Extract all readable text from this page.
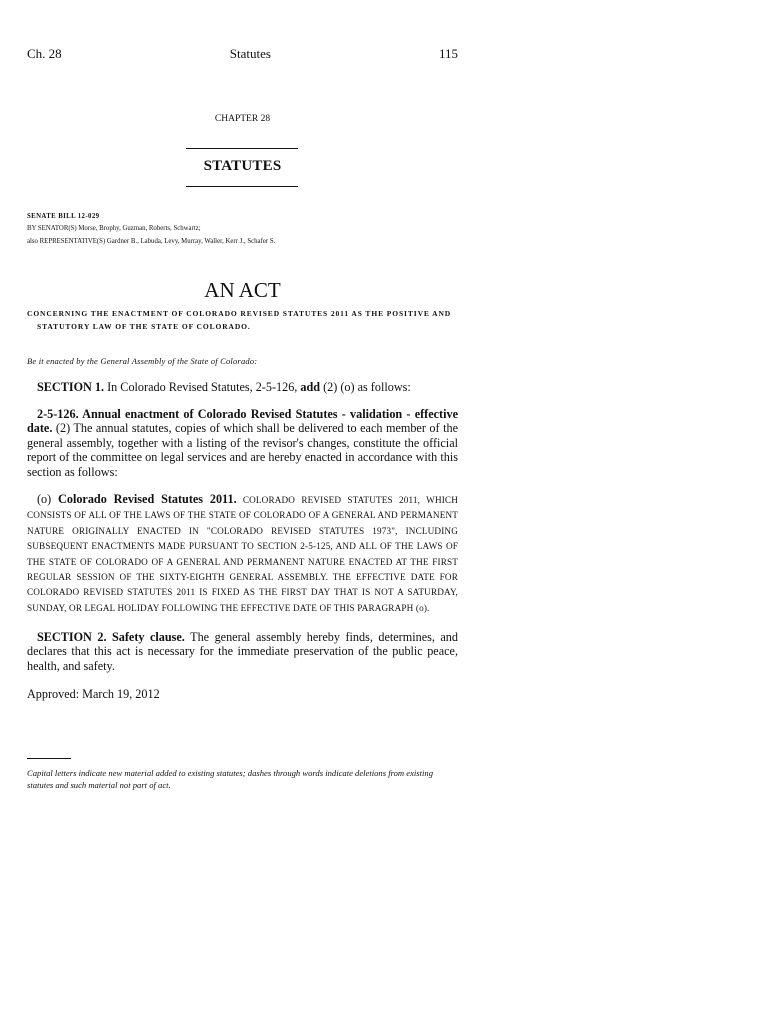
Ch. 28	Statutes	115
CHAPTER 28
STATUTES
SENATE BILL 12-029
BY SENATOR(S) Morse, Brophy, Guzman, Roberts, Schwartz;
also REPRESENTATIVE(S) Gardner B., Labuda, Levy, Murray, Waller, Kerr J., Schafer S.
AN ACT
CONCERNING THE ENACTMENT OF COLORADO REVISED STATUTES 2011 AS THE POSITIVE AND
STATUTORY LAW OF THE STATE OF COLORADO.
Be it enacted by the General Assembly of the State of Colorado:
SECTION 1. In Colorado Revised Statutes, 2-5-126, add (2) (o) as follows:
2-5-126. Annual enactment of Colorado Revised Statutes - validation - effective date. (2) The annual statutes, copies of which shall be delivered to each member of the general assembly, together with a listing of the revisor's changes, constitute the official report of the committee on legal services and are hereby enacted in accordance with this section as follows:
(o) Colorado Revised Statutes 2011. COLORADO REVISED STATUTES 2011, WHICH CONSISTS OF ALL OF THE LAWS OF THE STATE OF COLORADO OF A GENERAL AND PERMANENT NATURE ORIGINALLY ENACTED IN "COLORADO REVISED STATUTES 1973", INCLUDING SUBSEQUENT ENACTMENTS MADE PURSUANT TO SECTION 2-5-125, AND ALL OF THE LAWS OF THE STATE OF COLORADO OF A GENERAL AND PERMANENT NATURE ENACTED AT THE FIRST REGULAR SESSION OF THE SIXTY-EIGHTH GENERAL ASSEMBLY. THE EFFECTIVE DATE FOR COLORADO REVISED STATUTES 2011 IS FIXED AS THE FIRST DAY THAT IS NOT A SATURDAY, SUNDAY, OR LEGAL HOLIDAY FOLLOWING THE EFFECTIVE DATE OF THIS PARAGRAPH (o).
SECTION 2. Safety clause. The general assembly hereby finds, determines, and declares that this act is necessary for the immediate preservation of the public peace, health, and safety.
Approved: March 19, 2012
Capital letters indicate new material added to existing statutes; dashes through words indicate deletions from existing statutes and such material not part of act.
